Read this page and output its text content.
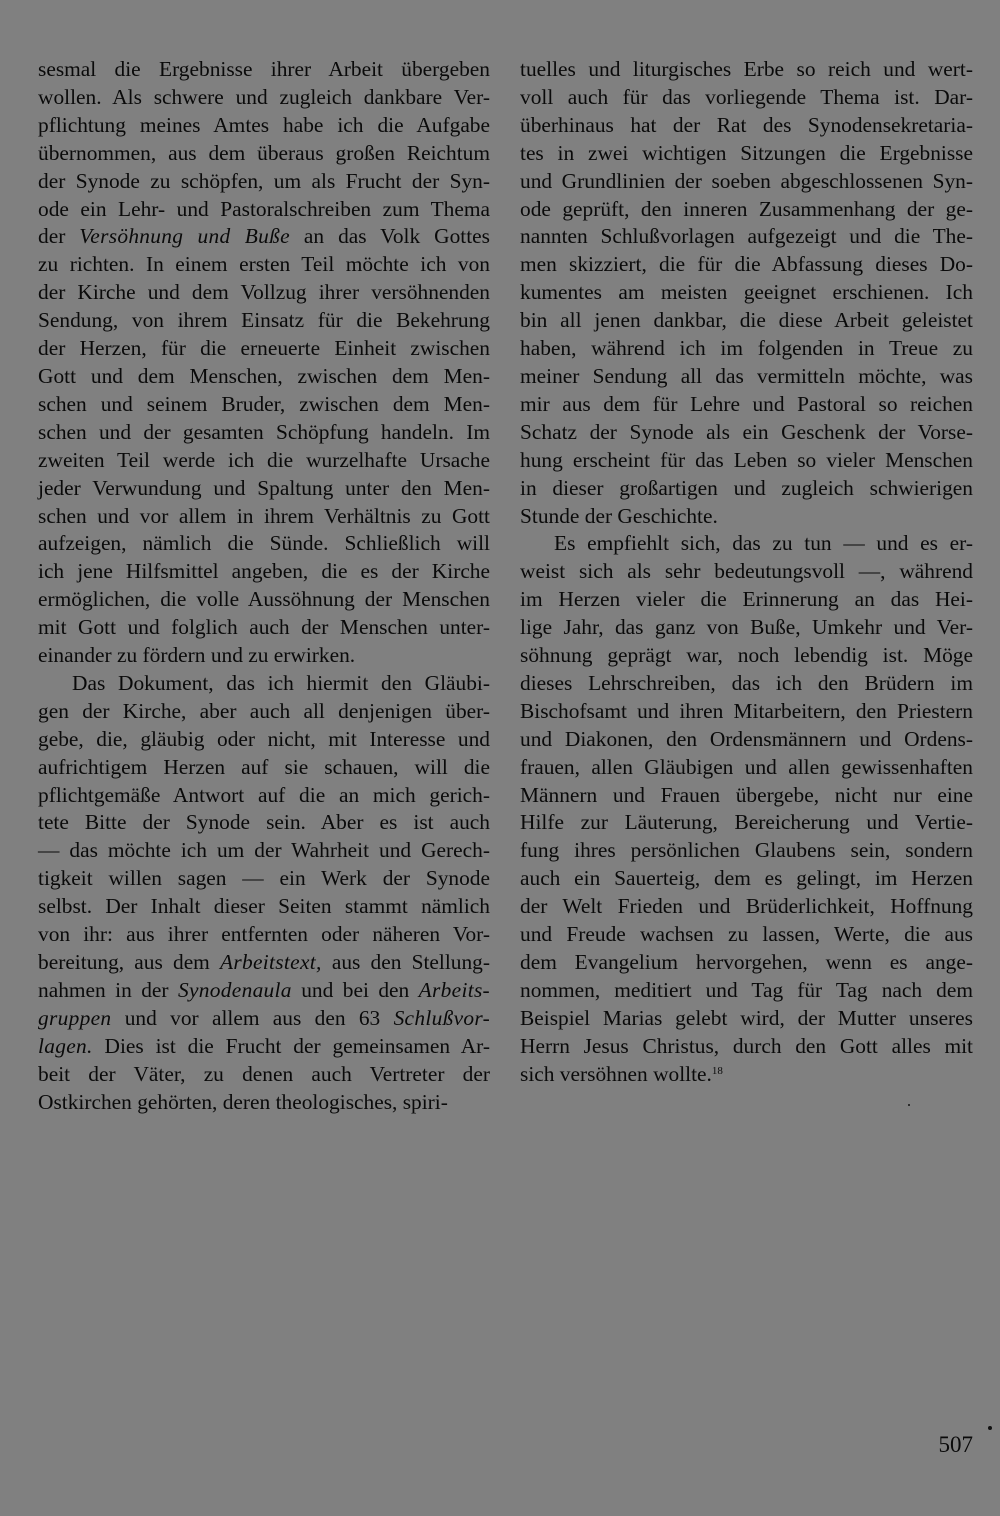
sesmal die Ergebnisse ihrer Arbeit übergeben
wollen. Als schwere und zugleich dankbare Ver-
pflichtung meines Amtes habe ich die Aufgabe
übernommen, aus dem überaus großen Reichtum
der Synode zu schöpfen, um als Frucht der Syn-
ode ein Lehr- und Pastoralschreiben zum Thema
der Versöhnung und Buße an das Volk Gottes
zu richten. In einem ersten Teil möchte ich von
der Kirche und dem Vollzug ihrer versöhnenden
Sendung, von ihrem Einsatz für die Bekehrung
der Herzen, für die erneuerte Einheit zwischen
Gott und dem Menschen, zwischen dem Men-
schen und seinem Bruder, zwischen dem Men-
schen und der gesamten Schöpfung handeln. Im
zweiten Teil werde ich die wurzelhafte Ursache
jeder Verwundung und Spaltung unter den Men-
schen und vor allem in ihrem Verhältnis zu Gott
aufzeigen, nämlich die Sünde. Schließlich will
ich jene Hilfsmittel angeben, die es der Kirche
ermöglichen, die volle Aussöhnung der Menschen
mit Gott und folglich auch der Menschen unter-
einander zu fördern und zu erwirken.
Das Dokument, das ich hiermit den Gläubi-
gen der Kirche, aber auch all denjenigen über-
gebe, die, gläubig oder nicht, mit Interesse und
aufrichtigem Herzen auf sie schauen, will die
pflichtgemäße Antwort auf die an mich gerich-
tete Bitte der Synode sein. Aber es ist auch
— das möchte ich um der Wahrheit und Gerech-
tigkeit willen sagen — ein Werk der Synode
selbst. Der Inhalt dieser Seiten stammt nämlich
von ihr: aus ihrer entfernten oder näheren Vor-
bereitung, aus dem Arbeitstext, aus den Stellung-
nahmen in der Synodenaula und bei den Arbeits-
gruppen und vor allem aus den 63 Schlußvor-
lagen. Dies ist die Frucht der gemeinsamen Ar-
beit der Väter, zu denen auch Vertreter der
Ostkirchen gehörten, deren theologisches, spiri-
tuelles und liturgisches Erbe so reich und wert-
voll auch für das vorliegende Thema ist. Dar-
überhinaus hat der Rat des Synodensekretaria-
tes in zwei wichtigen Sitzungen die Ergebnisse
und Grundlinien der soeben abgeschlossenen Syn-
ode geprüft, den inneren Zusammenhang der ge-
nannten Schlußvorlagen aufgezeigt und die The-
men skizziert, die für die Abfassung dieses Do-
kumentes am meisten geeignet erschienen. Ich
bin all jenen dankbar, die diese Arbeit geleistet
haben, während ich im folgenden in Treue zu
meiner Sendung all das vermitteln möchte, was
mir aus dem für Lehre und Pastoral so reichen
Schatz der Synode als ein Geschenk der Vorse-
hung erscheint für das Leben so vieler Menschen
in dieser großartigen und zugleich schwierigen
Stunde der Geschichte.
Es empfiehlt sich, das zu tun — und es er-
weist sich als sehr bedeutungsvoll —, während
im Herzen vieler die Erinnerung an das Hei-
lige Jahr, das ganz von Buße, Umkehr und Ver-
söhnung geprägt war, noch lebendig ist. Möge
dieses Lehrschreiben, das ich den Brüdern im
Bischofsamt und ihren Mitarbeitern, den Priestern
und Diakonen, den Ordensmännern und Ordens-
frauen, allen Gläubigen und allen gewissenhaften
Männern und Frauen übergebe, nicht nur eine
Hilfe zur Läuterung, Bereicherung und Vertie-
fung ihres persönlichen Glaubens sein, sondern
auch ein Sauerteig, dem es gelingt, im Herzen
der Welt Frieden und Brüderlichkeit, Hoffnung
und Freude wachsen zu lassen, Werte, die aus
dem Evangelium hervorgehen, wenn es ange-
nommen, meditiert und Tag für Tag nach dem
Beispiel Marias gelebt wird, der Mutter unseres
Herrn Jesus Christus, durch den Gott alles mit
sich versöhnen wollte.$^{18}$
507
